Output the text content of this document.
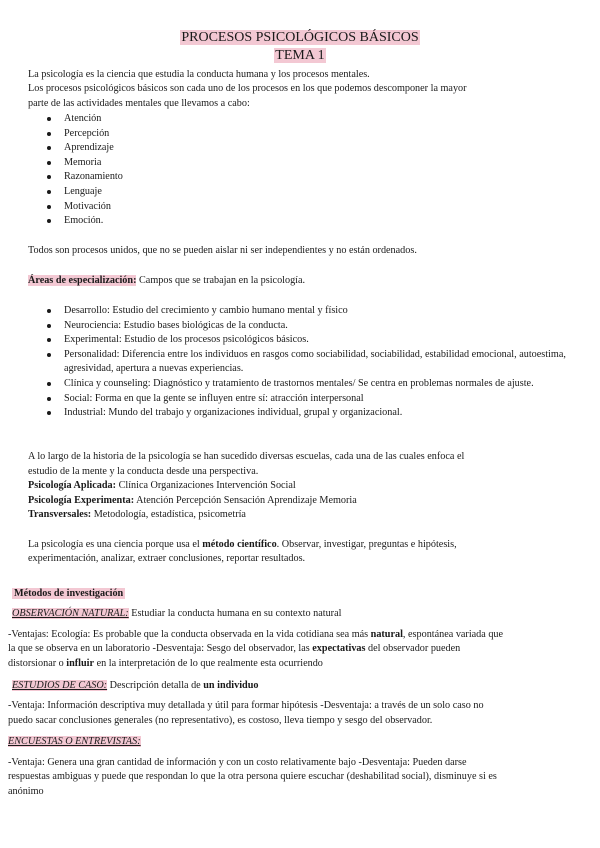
PROCESOS PSICOLÓGICOS BÁSICOS
TEMA 1
La psicología es la ciencia que estudia la conducta humana y los procesos mentales.
Los procesos psicológicos básicos son cada uno de los procesos en los que podemos descomponer la mayor
parte de las actividades mentales que llevamos a cabo:
Atención
Percepción
Aprendizaje
Memoria
Razonamiento
Lenguaje
Motivación
Emoción.
Todos son procesos unidos, que no se pueden aislar ni ser independientes y no están ordenados.
Áreas de especialización: Campos que se trabajan en la psicología.
Desarrollo: Estudio del crecimiento y cambio humano mental y físico
Neurociencia: Estudio bases biológicas de la conducta.
Experimental: Estudio de los procesos psicológicos básicos.
Personalidad: Diferencia entre los individuos en rasgos como sociabilidad, sociabilidad, estabilidad emocional, autoestima, agresividad, apertura a nuevas experiencias.
Clínica y counseling: Diagnóstico y tratamiento de trastornos mentales/ Se centra en problemas normales de ajuste.
Social: Forma en que la gente se influyen entre sí: atracción interpersonal
Industrial: Mundo del trabajo y organizaciones individual, grupal y organizacional.
A lo largo de la historia de la psicología se han sucedido diversas escuelas, cada una de las cuales enfoca el
estudio de la mente y la conducta desde una perspectiva.
Psicología Aplicada: Clínica Organizaciones Intervención Social
Psicología Experimenta: Atención Percepción Sensación Aprendizaje Memoria
Transversales: Metodología, estadística, psicometría
La psicología es una ciencia porque usa el método científico. Observar, investigar, preguntas e hipótesis,
experimentación, analizar, extraer conclusiones, reportar resultados.
Métodos de investigación
OBSERVACIÓN NATURAL: Estudiar la conducta humana en su contexto natural
-Ventajas: Ecología: Es probable que la conducta observada en la vida cotidiana sea más natural, espontánea variada que
la que se observa en un laboratorio -Desventaja: Sesgo del observador, las expectativas del observador pueden
distorsionar o influir en la interpretación de lo que realmente esta ocurriendo
ESTUDIOS DE CASO: Descripción detalla de un individuo
-Ventaja: Información descriptiva muy detallada y útil para formar hipótesis -Desventaja: a través de un solo caso no
puedo sacar conclusiones generales (no representativo), es costoso, lleva tiempo y sesgo del observador.
ENCUESTAS O ENTREVISTAS:
-Ventaja: Genera una gran cantidad de información y con un costo relativamente bajo -Desventaja: Pueden darse
respuestas ambiguas y puede que respondan lo que la otra persona quiere escuchar (deshabilitad social), disminuye si es
anónimo
